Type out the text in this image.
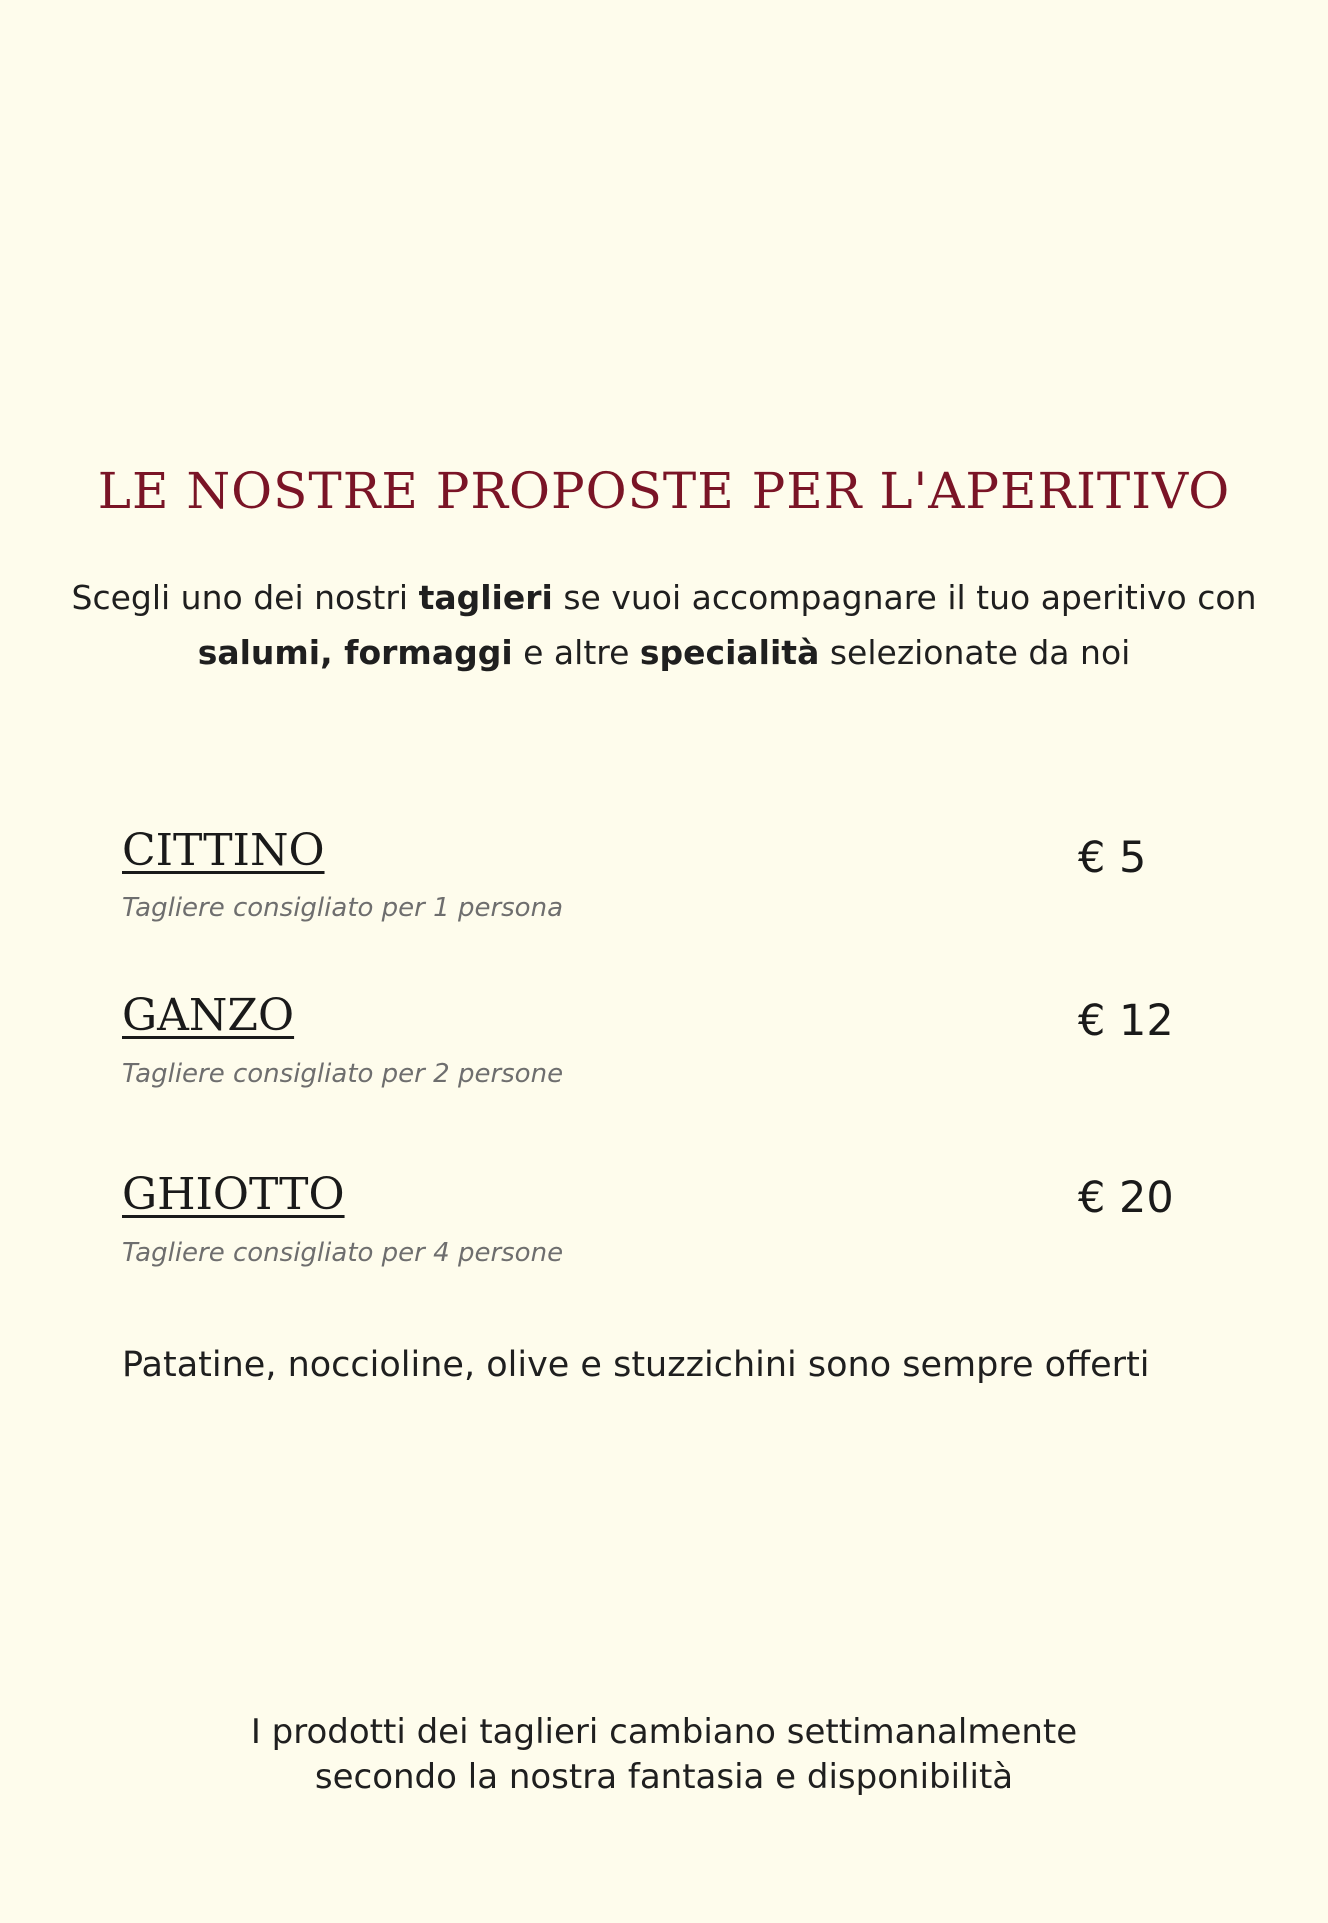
LE NOSTRE PROPOSTE PER L'APERITIVO
Scegli uno dei nostri taglieri se vuoi accompagnare il tuo aperitivo con
salumi, formaggi e altre specialità selezionate da noi
CITTINO	€ 5
Tagliere consigliato per 1 persona
GANZO	€ 12
Tagliere consigliato per 2 persone
GHIOTTO	€ 20
Tagliere consigliato per 4 persone
Patatine, noccioline, olive e stuzzichini sono sempre offerti
I prodotti dei taglieri cambiano settimanalmente
secondo la nostra fantasia e disponibilità
